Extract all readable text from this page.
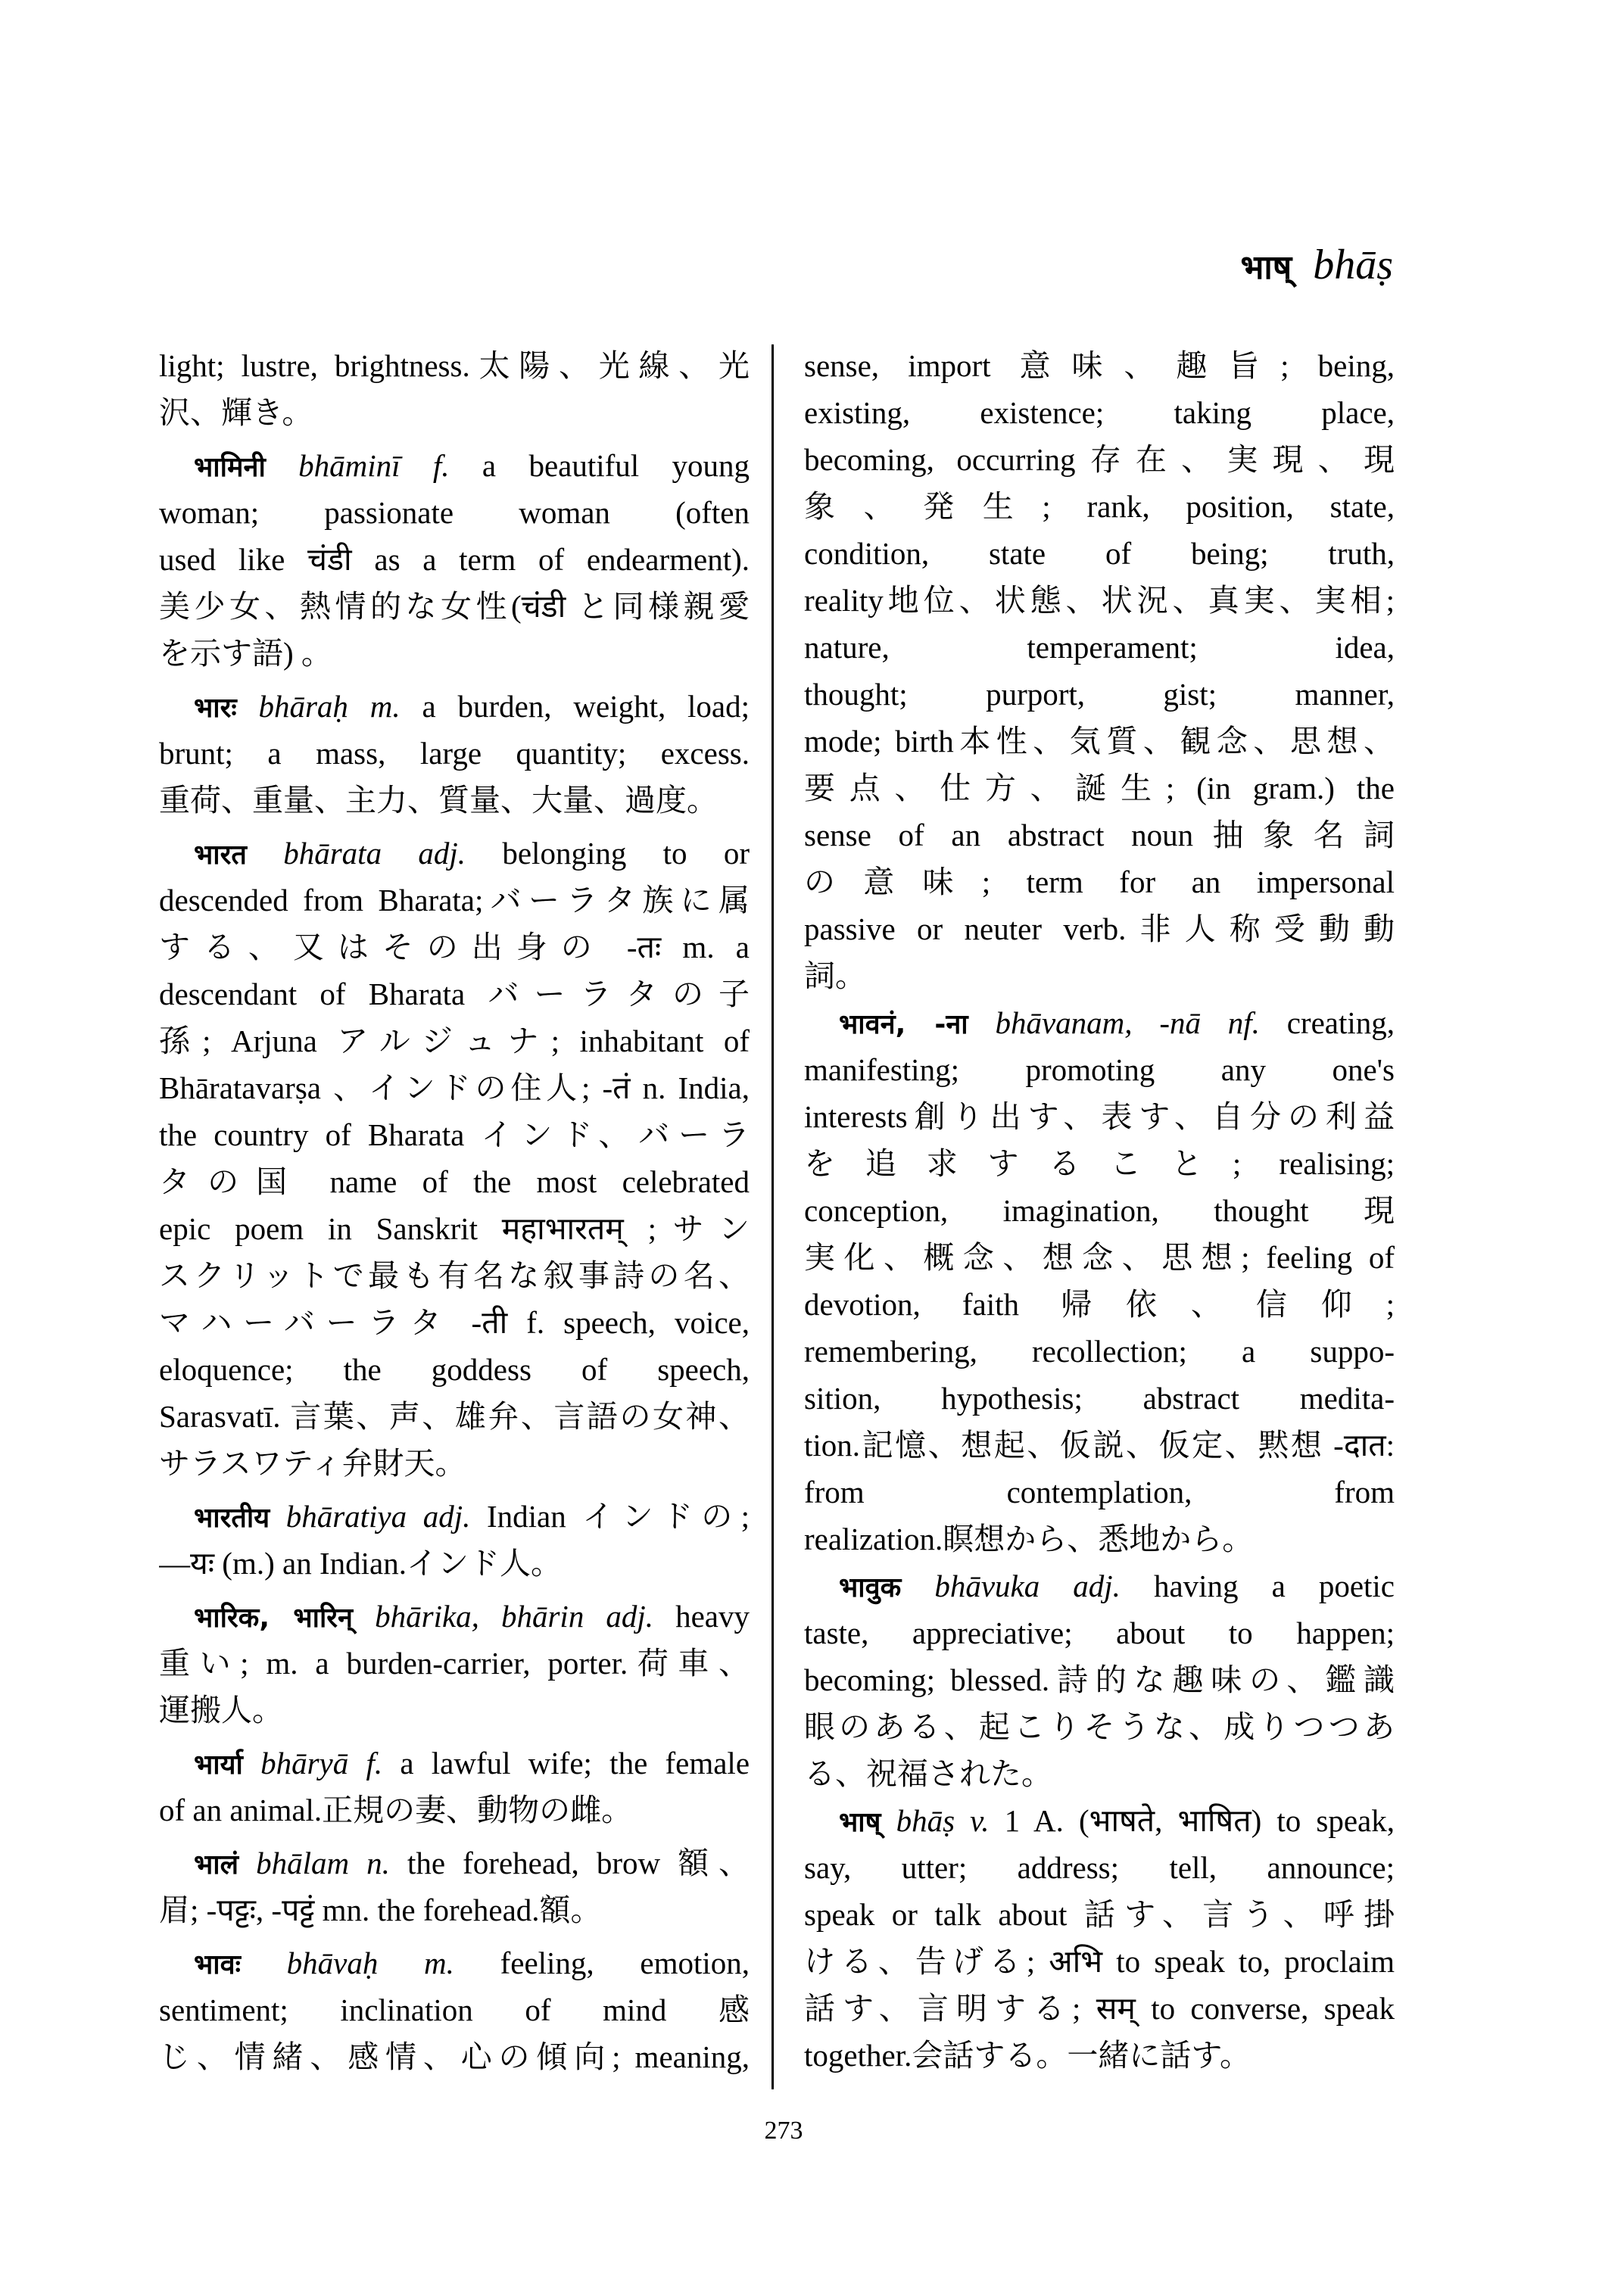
भाष् bhāṣ
light; lustre, brightness.太陽、光線、光
沢、輝き。
भामिनी bhāminī f. a beautiful young
woman; passionate woman (often
used like चंडी as a term of endearment).
美少女、熱情的な女性(चंडी と同様親愛
を示す語) 。
भारः bhāraḥ m. a burden, weight, load;
brunt; a mass, large quantity; excess.
重荷、重量、主力、質量、大量、過度。
भारत bhārata adj. belonging to or
descended from Bharata;バーラタ族に属
する、又はその出身の -तः m. a
descendant of Bharata バーラタの子
孫; Arjuna アルジュナ; inhabitant of
Bhāratavarṣa 、インドの住人; -तं n. India,
the country of Bharata インド、バーラ
タの国 name of the most celebrated
epic poem in Sanskrit महाभारतम् ;サン
スクリットで最も有名な叙事詩の名、
マハーバーラタ -ती f. speech, voice,
eloquence; the goddess of speech,
Sarasvatī. 言葉、声、雄弁、言語の女神、
サラスワティ弁財天。
भारतीय bhāratiya adj. Indian インドの;
—यः (m.) an Indian.インド人。
भारिक, भारिन् bhārika, bhārin adj. heavy
重い; m. a burden-carrier, porter.荷車、
運搬人。
भार्या bhāryā f. a lawful wife; the female
of an animal.正規の妻、動物の雌。
भालं bhālam n. the forehead, brow 額、
眉; -पट्टः, -पट्टं mn. the forehead.額。
भावः bhāvaḥ m. feeling, emotion,
sentiment; inclination of mind 感
じ、情緒、感情、心の傾向; meaning,
sense, import 意味、趣旨; being,
existing, existence; taking place,
becoming, occurring存在、実現、現
象、発生; rank, position, state,
condition, state of being; truth,
reality地位、状態、状況、真実、実相;
nature, temperament; idea,
thought; purport, gist; manner,
mode; birth本性、気質、観念、思想、
要点、仕方、誕生; (in gram.) the
sense of an abstract noun抽象名詞
の意味; term for an impersonal
passive or neuter verb.非人称受動動
詞。
भावनं, -ना bhāvanam, -nā nf. creating,
manifesting; promoting any one's
interests創り出す、表す、自分の利益
を追求すること; realising;
conception, imagination, thought 現
実化、概念、想念、思想; feeling of
devotion, faith 帰依、信仰;
remembering, recollection; a suppo-
sition, hypothesis; abstract medita-
tion.記憶、想起、仮説、仮定、黙想 -दात:
from contemplation, from
realization.瞑想から、悉地から。
भावुक bhāvuka adj. having a poetic
taste, appreciative; about to happen;
becoming; blessed.詩的な趣味の、鑑識
眼のある、起こりそうな、成りつつあ
る、祝福された。
भाष् bhāṣ v. 1 A. (भाषते, भाषित) to speak,
say, utter; address; tell, announce;
speak or talk about 話す、言う、呼掛
ける、告げる; अभि to speak to, proclaim
話す、言明する; सम् to converse, speak
together.会話する。一緒に話す。
273
